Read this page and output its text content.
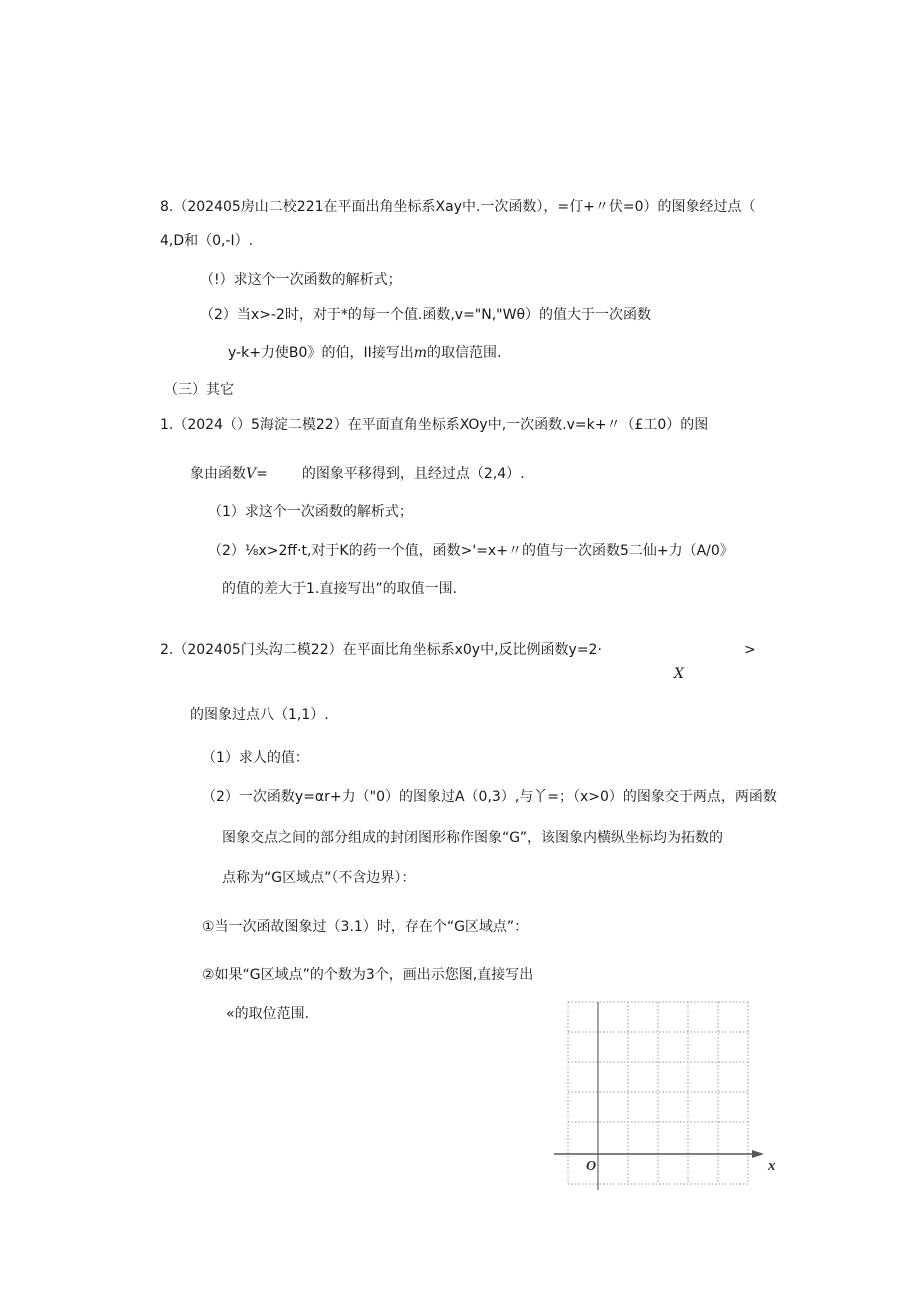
8.（202405房山二校221在平面出角坐标系Xay中.一次函数），=仃+〃伏=0）的图象经过点（
4,D和（0,-I）.
（!）求这个一次函数的解析式；
（2）当x>-2时，对于*的每一个值.函数,v="N,"Wθ）的值大于一次函数
y-k+力使B0》的伯，II接写出m的取信范围.
（三）其它
1.（2024（）5海淀二模22）在平面直角坐标系XOy中,一次函数.v=k+〃（£工0）的图
象由函数V= 的图象平移得到，且经过点（2,4）.
（1）求这个一次函数的解析式；
（2）⅛x>2ff·t,对于K的药一个值，函数>'=x+〃的值与一次函数5二仙+力（A/0》
的值的差大于1.直接写出”的取值一围.
2.（202405门头沟二模22）在平面比角坐标系x0y中,反比例函数y=2·	>
X
的图象过点八（1,1）.
（1）求人的值：
（2）一次函数y=αr+力（"0）的图象过A（0,3）,与丫=；（x>0）的图象交于两点，两函数
图象交点之间的部分组成的封闭图形称作图象“G”，该图象内横纵坐标均为拓数的
点称为“G区域点”（不含边界）：
①当一次函故图象过（3.1）时，存在个“G区域点”：
②如果“G区域点”的个数为3个，画出示您图,直接写出
«的取位范围.
O	x
